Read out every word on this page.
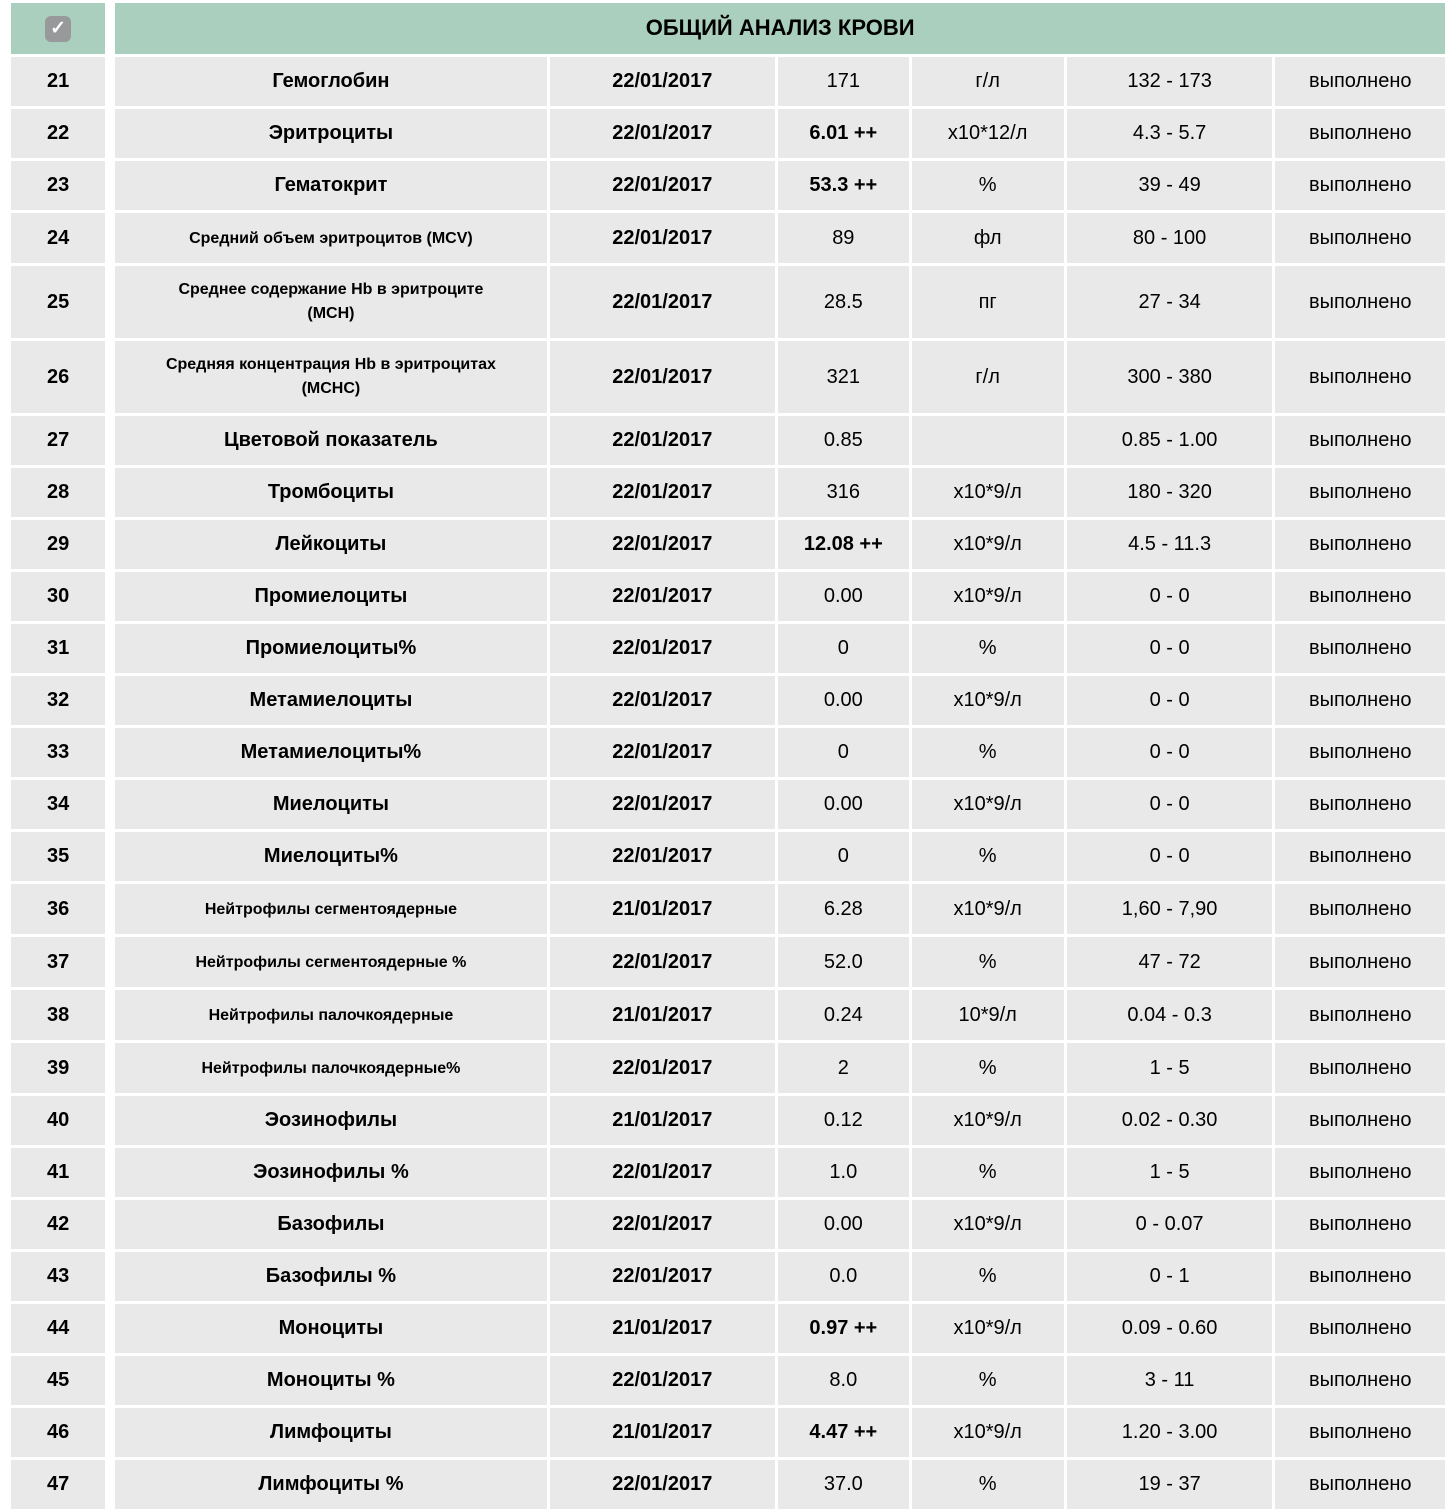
✓	ОБЩИЙ АНАЛИЗ КРОВИ					
21	Гемоглобин	22/01/2017	171	г/л	132 - 173	выполнено
22	Эритроциты	22/01/2017	6.01 ++	х10*12/л	4.3 - 5.7	выполнено
23	Гематокрит	22/01/2017	53.3 ++	%	39 - 49	выполнено
24	Средний объем эритроцитов (MCV)	22/01/2017	89	фл	80 - 100	выполнено
25	Среднее содержание Hb в эритроците (МСН)	22/01/2017	28.5	пг	27 - 34	выполнено
26	Средняя концентрация Hb в эритроцитах (МСНС)	22/01/2017	321	г/л	300 - 380	выполнено
27	Цветовой показатель	22/01/2017	0.85		0.85 - 1.00	выполнено
28	Тромбоциты	22/01/2017	316	х10*9/л	180 - 320	выполнено
29	Лейкоциты	22/01/2017	12.08 ++	х10*9/л	4.5 - 11.3	выполнено
30	Промиелоциты	22/01/2017	0.00	х10*9/л	0 - 0	выполнено
31	Промиелоциты%	22/01/2017	0	%	0 - 0	выполнено
32	Метамиелоциты	22/01/2017	0.00	х10*9/л	0 - 0	выполнено
33	Метамиелоциты%	22/01/2017	0	%	0 - 0	выполнено
34	Миелоциты	22/01/2017	0.00	х10*9/л	0 - 0	выполнено
35	Миелоциты%	22/01/2017	0	%	0 - 0	выполнено
36	Нейтрофилы сегментоядерные	21/01/2017	6.28	х10*9/л	1,60 - 7,90	выполнено
37	Нейтрофилы сегментоядерные %	22/01/2017	52.0	%	47 - 72	выполнено
38	Нейтрофилы палочкоядерные	21/01/2017	0.24	10*9/л	0.04 - 0.3	выполнено
39	Нейтрофилы палочкоядерные%	22/01/2017	2	%	1 - 5	выполнено
40	Эозинофилы	21/01/2017	0.12	х10*9/л	0.02 - 0.30	выполнено
41	Эозинофилы %	22/01/2017	1.0	%	1 - 5	выполнено
42	Базофилы	22/01/2017	0.00	х10*9/л	0 - 0.07	выполнено
43	Базофилы %	22/01/2017	0.0	%	0 - 1	выполнено
44	Моноциты	21/01/2017	0.97 ++	х10*9/л	0.09 - 0.60	выполнено
45	Моноциты %	22/01/2017	8.0	%	3 - 11	выполнено
46	Лимфоциты	21/01/2017	4.47 ++	х10*9/л	1.20 - 3.00	выполнено
47	Лимфоциты %	22/01/2017	37.0	%	19 - 37	выполнено
